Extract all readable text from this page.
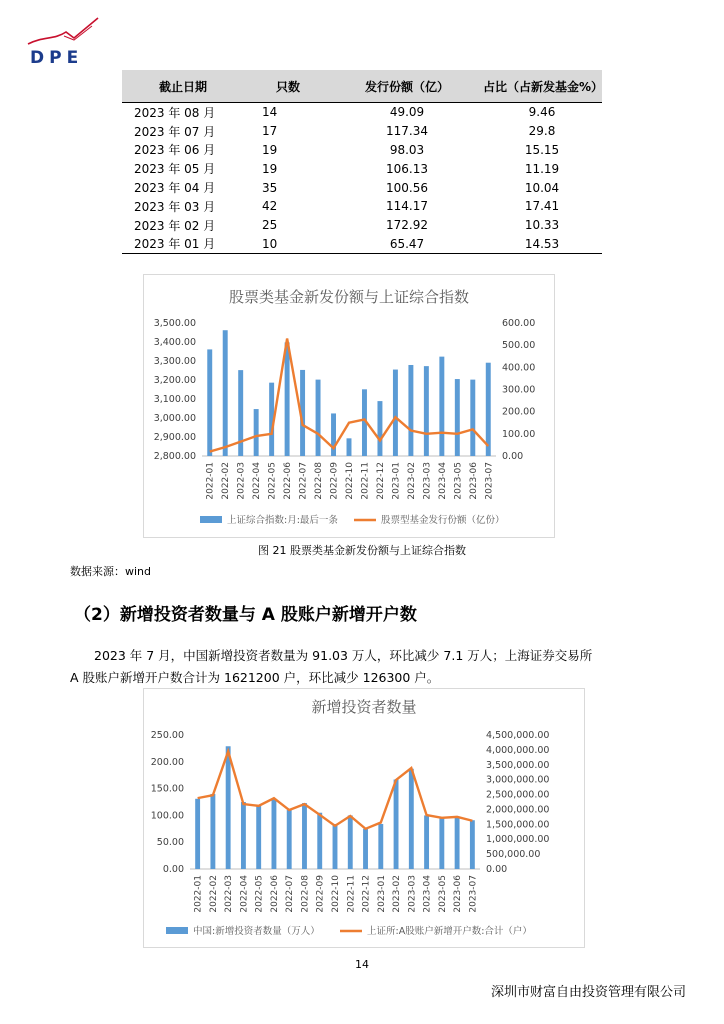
DPE
截止日期	只数	发行份额（亿）	占比（占新发基金%）
2023 年 08 月	14	49.09	9.46
2023 年 07 月	17	117.34	29.8
2023 年 06 月	19	98.03	15.15
2023 年 05 月	19	106.13	11.19
2023 年 04 月	35	100.56	10.04
2023 年 03 月	42	114.17	17.41
2023 年 02 月	25	172.92	10.33
2023 年 01 月	10	65.47	14.53
股票类基金新发份额与上证综合指数
3,500.00
3,400.00
3,300.00
3,200.00
3,100.00
3,000.00
2,900.00
2,800.00
600.00
500.00
400.00
300.00
200.00
100.00
0.00
2022-01 2022-02 2022-03 2022-04 2022-05 2022-06 2022-07 2022-08 2022-09 2022-10 2022-11 2022-12 2023-01 2023-02 2023-03 2023-04 2023-05 2023-06 2023-07
上证综合指数:月:最后一条	股票型基金发行份额（亿份）
图 21 股票类基金新发份额与上证综合指数
数据来源：wind
（2）新增投资者数量与 A 股账户新增开户数
2023 年 7 月，中国新增投资者数量为 91.03 万人，环比减少 7.1 万人；上海证券交易所
A 股账户新增开户数合计为 1621200 户，环比减少 126300 户。
新增投资者数量
250.00
200.00
150.00
100.00
50.00
0.00
4,500,000.00
4,000,000.00
3,500,000.00
3,000,000.00
2,500,000.00
2,000,000.00
1,500,000.00
1,000,000.00
500,000.00
0.00
2022-01 2022-02 2022-03 2022-04 2022-05 2022-06 2022-07 2022-08 2022-09 2022-10 2022-11 2022-12 2023-01 2023-02 2023-03 2023-04 2023-05 2023-06 2023-07
中国:新增投资者数量（万人）	上证所:A股账户新增开户数:合计（户）
14
深圳市财富自由投资管理有限公司
